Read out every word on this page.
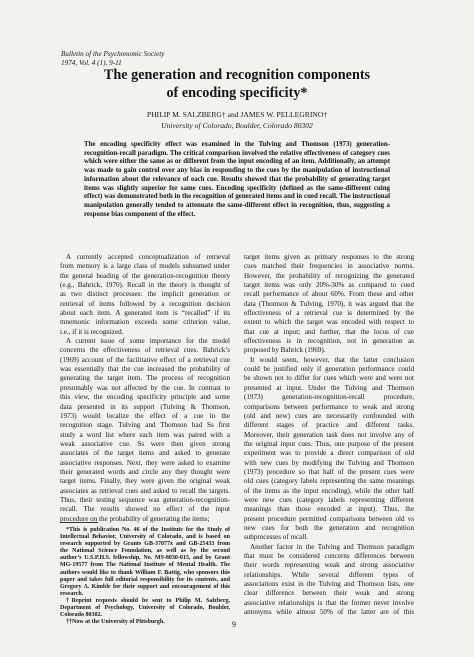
Bulletin of the Psychonomic Society
1974, Vol. 4 (1), 9-11
The generation and recognition components
of encoding specificity*
PHILIP M. SALZBERG† and JAMES W. PELLEGRINO†
University of Colorado, Boulder, Colorado 80302
The encoding specificity effect was examined in the Tulving and Thomson (1973) generation-recognition-recall paradigm. The critical comparison involved the relative effectiveness of category cues which were either the same as or different from the input encoding of an item. Additionally, an attempt was made to gain control over any bias in responding to the cues by the manipulation of instructional information about the relevance of each cue. Results showed that the probability of generating target items was slightly superior for same cues. Encoding specificity (defined as the same-different cuing effect) was demonstrated both in the recognition of generated items and in cued recall. The instructional manipulation generally tended to attenuate the same-different effect in recognition, thus, suggesting a response bias component of the effect.
A currently accepted conceptualization of retrieval
from memory is a large class of models subsumed under
the general heading of the generation-recognition theory
(e.g., Bahrick, 1970). Recall in the theory is thought of
as two distinct processes: the implicit generation or
retrieval of items followed by a recognition decision
about each item. A generated item is “recalled” if its
mnemonic information exceeds some criterion value,
i.e., if it is recognized.
A current issue of some importance for the model
concerns the effectiveness of retrieval cues. Bahrick’s
(1969) account of the facilitative effect of a retrieval cue
was essentially that the cue increased the probability of
generating the target item. The process of recognition
presumably was not affected by the cue. In contrast to
this view, the encoding specificity principle and some
data presented in its support (Tulving & Thomson,
1973) would localize the effect of a cue in the
recognition stage. Tulving and Thomson had Ss first
study a word list where each item was paired with a
weak associative cue. Ss were then given strong
associates of the target items and asked to generate
associative responses. Next, they were asked to examine
their generated words and circle any they thought were
target items. Finally, they were given the original weak
associates as retrieval cues and asked to recall the targets.
Thus, their testing sequence was generation-recognition-
recall. The results showed no effect of the input
procedure on the probability of generating the items;
target items given as primary responses to the strong
cues matched their frequencies in associative norms.
However, the probability of recognizing the generated
target items was only 20%-30% as compared to cued
recall performance of about 60%. From these and other
data (Thomson & Tulving, 1970), it was argued that the
effectiveness of a retrieval cue is determined by the
extent to which the target was encoded with respect to
that cue at input; and further, that the locus of cue
effectiveness is in recognition, not in generation as
proposed by Bahrick (1969).
It would seem, however, that the latter conclusion
could be justified only if generation performance could
be shown not to differ for cues which were and were not
presented at input. Under the Tulving and Thomson
(1973) generation-recognition-recall procedure,
comparisons between performance to weak and strong
(old and new) cues are necessarily confounded with
different stages of practice and different tasks.
Moreover, their generation task does not involve any of
the original input cues. Thus, one purpose of the present
experiment was to provide a direct comparison of old
with new cues by modifying the Tulving and Thomson
(1973) procedure so that half of the present cues were
old cues (category labels representing the same meanings
of the items as the input encoding), while the other half
were new cues (category labels representing different
meanings than those encoded at input). Thus, the
present procedure permitted comparisons between old vs
new cues for both the generation and recognition
subprocesses of recall.
Another factor in the Tulving and Thomson paradigm
that must be considered concerns differences between
their words representing weak and strong associative
relationships. While several different types of
associations exist in the Tulving and Thomson lists, one
clear difference between their weak and strong
associative relationships is that the former never involve
antonyms while almost 50% of the latter are of this
*This is publication No. 46 of the Institute for the Study of
Intellectual Behavior, University of Colorado, and is based on
research supported by Grants GB-37077x and GB-25433 from
the National Science Foundation, as well as by the second
author’s U.S.P.H.S. fellowship, No. MS-8030-015, and by Grant
MG-19577 from The National Institute of Mental Health. The
authors would like to thank William F. Battig, who sponsors this
paper and takes full editorial responsibility for its contents, and
Gregory A. Kimble for their support and encouragement of this
research.
†Reprint requests should be sent to Philip M. Salzberg,
Department of Psychology, University of Colorado, Boulder,
Colorado 80302.
††Now at the University of Pittsburgh.	9
